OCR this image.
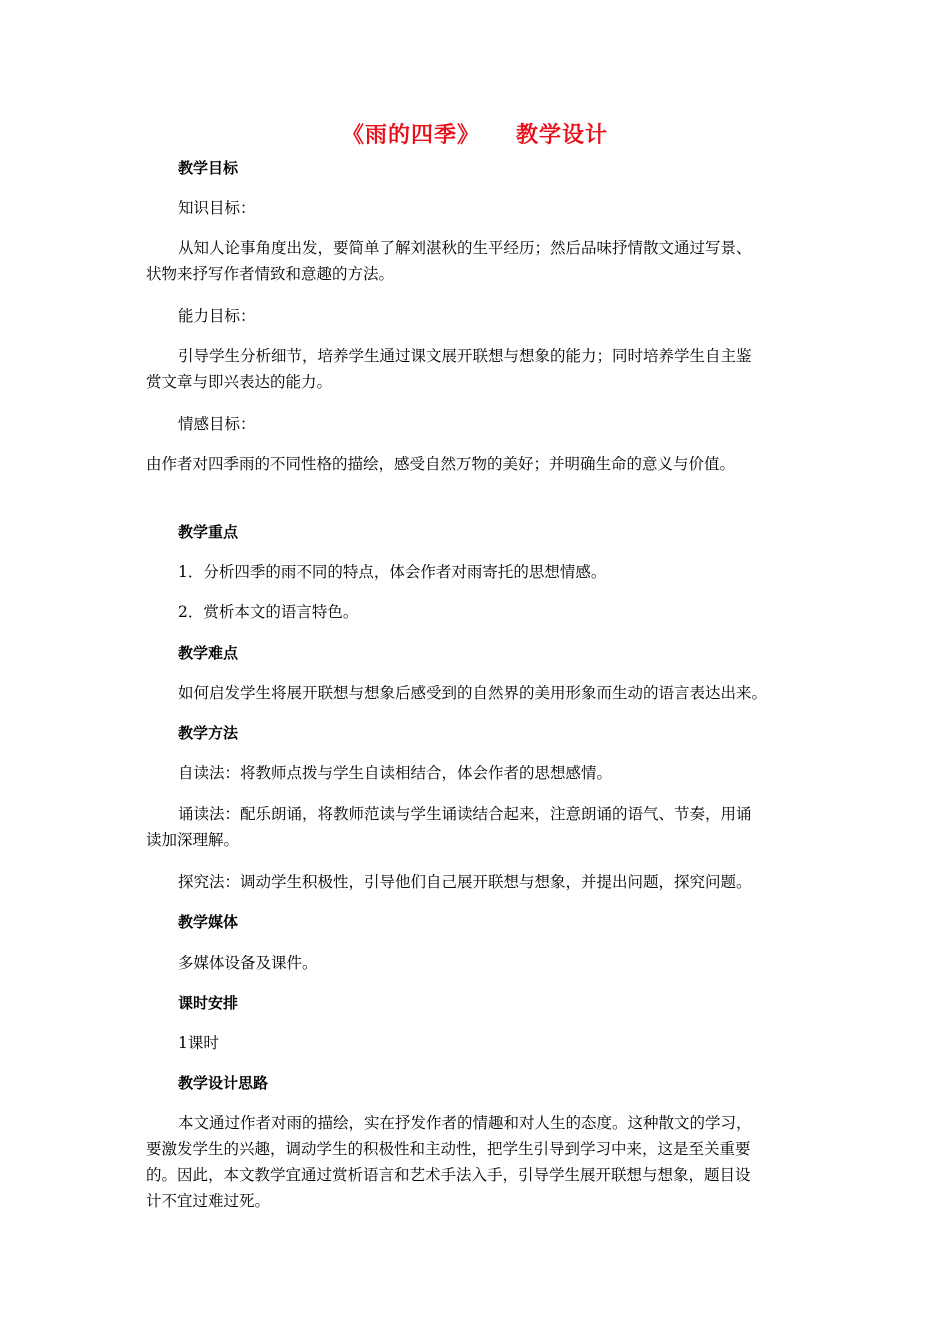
《雨的四季》 教学设计
教学目标
知识目标：
从知人论事角度出发，要简单了解刘湛秋的生平经历；然后品味抒情散文通过写景、
状物来抒写作者情致和意趣的方法。
能力目标：
引导学生分析细节，培养学生通过课文展开联想与想象的能力；同时培养学生自主鉴
赏文章与即兴表达的能力。
情感目标：
由作者对四季雨的不同性格的描绘，感受自然万物的美好；并明确生命的意义与价值。
教学重点
1．分析四季的雨不同的特点，体会作者对雨寄托的思想情感。
2．赏析本文的语言特色。
教学难点
如何启发学生将展开联想与想象后感受到的自然界的美用形象而生动的语言表达出来。
教学方法
自读法：将教师点拨与学生自读相结合，体会作者的思想感情。
诵读法：配乐朗诵，将教师范读与学生诵读结合起来，注意朗诵的语气、节奏，用诵
读加深理解。
探究法：调动学生积极性，引导他们自己展开联想与想象，并提出问题，探究问题。
教学媒体
多媒体设备及课件。
课时安排
1课时
教学设计思路
本文通过作者对雨的描绘，实在抒发作者的情趣和对人生的态度。这种散文的学习，
要激发学生的兴趣，调动学生的积极性和主动性，把学生引导到学习中来，这是至关重要
的。因此，本文教学宜通过赏析语言和艺术手法入手，引导学生展开联想与想象，题目设
计不宜过难过死。
